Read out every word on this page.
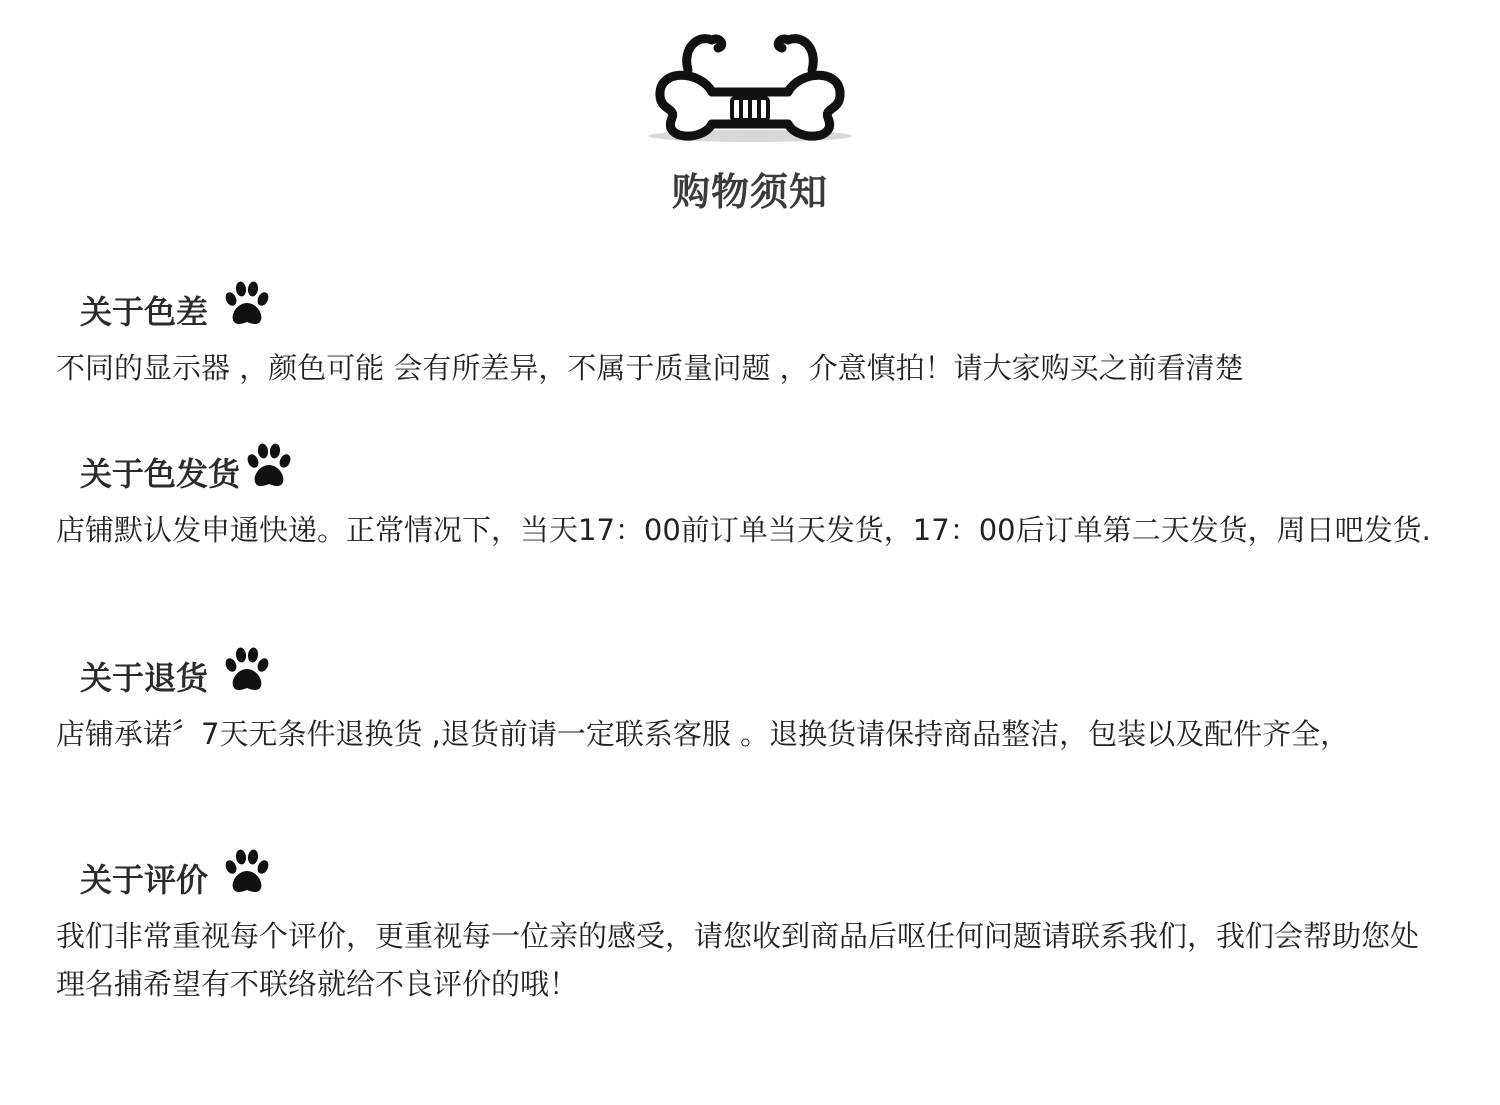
购物须知
关于色差
不同的显示器 ，颜色可能 会有所差异，不属于质量问题 ，介意慎拍！请大家购买之前看清楚
关于色发货
店铺默认发申通快递。正常情况下，当天17：00前订单当天发货，17：00后订单第二天发货，周日吧发货.
关于退货
店铺承诺〞7天无条件退换货 ,退货前请一定联系客服 。退换货请保持商品整洁，包装以及配件齐全，
关于评价
我们非常重视每个评价，更重视每一位亲的感受，请您收到商品后呕任何问题请联系我们，我们会帮助您处理名捕希望有不联络就给不良评价的哦！
